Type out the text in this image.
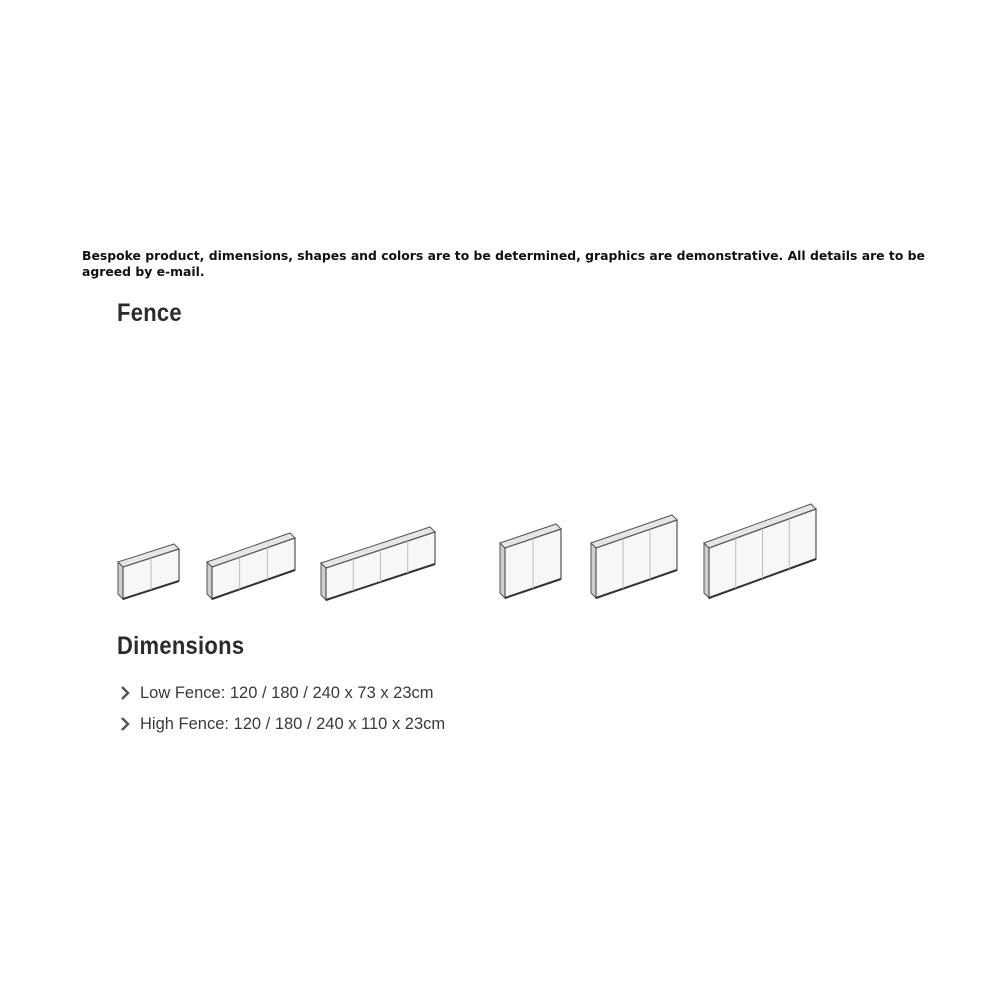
Bespoke product, dimensions, shapes and colors are to be determined, graphics are demonstrative. All details are to be agreed by e-mail.
Fence
Dimensions
Low Fence: 120 / 180 / 240 x 73 x 23cm
High Fence: 120 / 180 / 240 x 110 x 23cm
